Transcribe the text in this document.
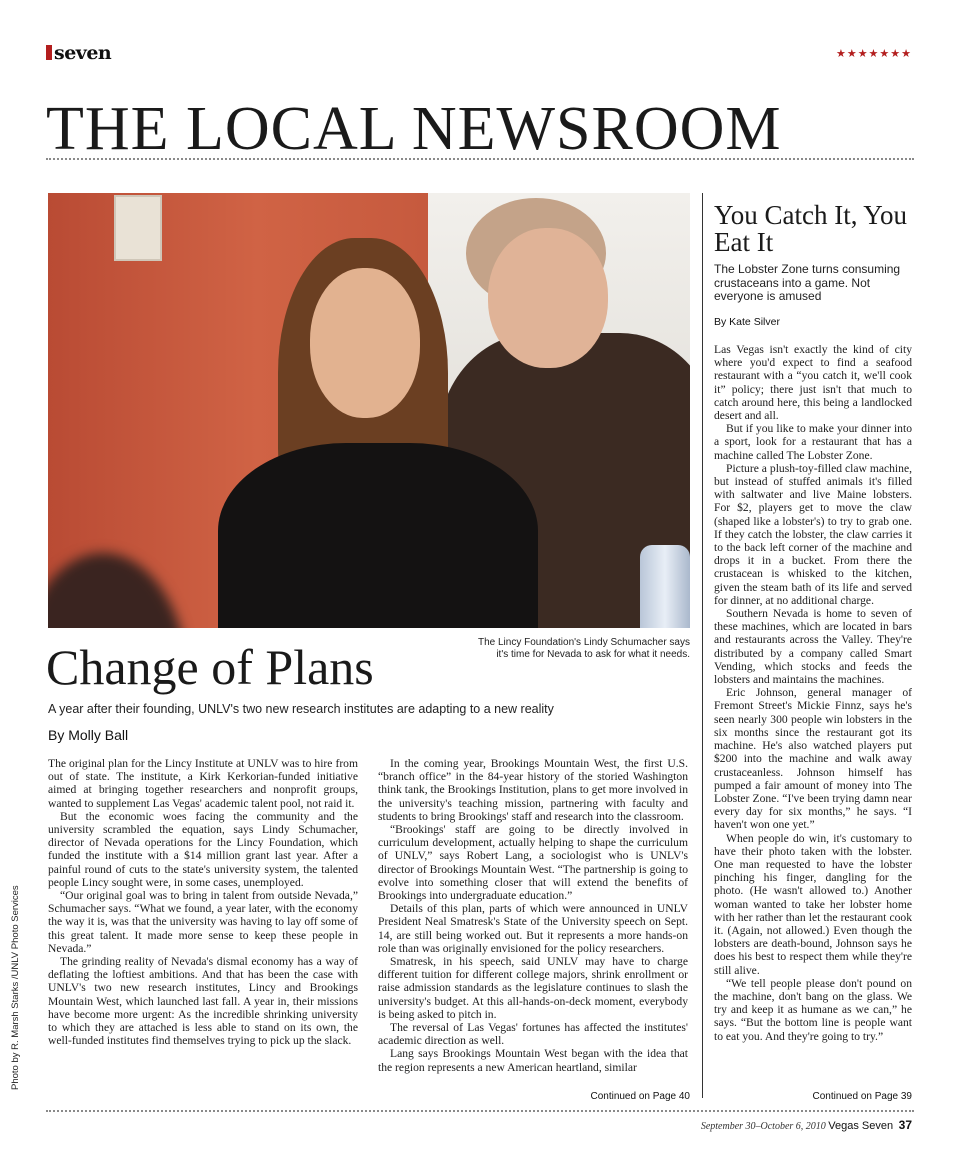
seven	★★★★★★★
THE LOCAL NEWSROOM
The Lincy Foundation's Lindy Schumacher says it's time for Nevada to ask for what it needs.
Photo by R. Marsh Starks /UNLV Photo Services
Change of Plans
A year after their founding, UNLV's two new research institutes are adapting to a new reality
By Molly Ball

The original plan for the Lincy Institute at UNLV was to hire from out of state. The institute, a Kirk Kerkorian-funded initiative aimed at bringing together researchers and nonprofit groups, wanted to supplement Las Vegas' academic talent pool, not raid it.

But the economic woes facing the community and the university scrambled the equation, says Lindy Schumacher, director of Nevada operations for the Lincy Foundation, which funded the institute with a $14 million grant last year. After a painful round of cuts to the state's university system, the talented people Lincy sought were, in some cases, unemployed.

“Our original goal was to bring in talent from outside Nevada,” Schumacher says. “What we found, a year later, with the economy the way it is, was that the university was having to lay off some of this great talent. It made more sense to keep these people in Nevada.”

The grinding reality of Nevada's dismal economy has a way of deflating the loftiest ambitions. And that has been the case with UNLV's two new research institutes, Lincy and Brookings Mountain West, which launched last fall. A year in, their missions have become more urgent: As the incredible shrinking university to which they are attached is less able to stand on its own, the well-funded institutes find themselves trying to pick up the slack.

In the coming year, Brookings Mountain West, the first U.S. “branch office” in the 84-year history of the storied Washington think tank, the Brookings Institution, plans to get more involved in the university's teaching mission, partnering with faculty and students to bring Brookings' staff and research into the classroom.

“Brookings' staff are going to be directly involved in curriculum development, actually helping to shape the curriculum of UNLV,” says Robert Lang, a sociologist who is UNLV's director of Brookings Mountain West. “The partnership is going to evolve into something closer that will extend the benefits of Brookings into undergraduate education.”

Details of this plan, parts of which were announced in UNLV President Neal Smatresk's State of the University speech on Sept. 14, are still being worked out. But it represents a more hands-on role than was originally envisioned for the policy researchers.

Smatresk, in his speech, said UNLV may have to charge different tuition for different college majors, shrink enrollment or raise admission standards as the legislature continues to slash the university's budget. At this all-hands-on-deck moment, everybody is being asked to pitch in.

The reversal of Las Vegas' fortunes has affected the institutes' academic direction as well.

Lang says Brookings Mountain West began with the idea that the region represents a new American heartland, similar

Continued on Page 40
You Catch It, You Eat It
The Lobster Zone turns consuming crustaceans into a game. Not everyone is amused
By Kate Silver

Las Vegas isn't exactly the kind of city where you'd expect to find a seafood restaurant with a “you catch it, we'll cook it” policy; there just isn't that much to catch around here, this being a landlocked desert and all.

But if you like to make your dinner into a sport, look for a restaurant that has a machine called The Lobster Zone.

Picture a plush-toy-filled claw machine, but instead of stuffed animals it's filled with saltwater and live Maine lobsters. For $2, players get to move the claw (shaped like a lobster's) to try to grab one. If they catch the lobster, the claw carries it to the back left corner of the machine and drops it in a bucket. From there the crustacean is whisked to the kitchen, given the steam bath of its life and served for dinner, at no additional charge.

Southern Nevada is home to seven of these machines, which are located in bars and restaurants across the Valley. They're distributed by a company called Smart Vending, which stocks and feeds the lobsters and maintains the machines.

Eric Johnson, general manager of Fremont Street's Mickie Finnz, says he's seen nearly 300 people win lobsters in the six months since the restaurant got its machine. He's also watched players put $200 into the machine and walk away crustaceanless. Johnson himself has pumped a fair amount of money into The Lobster Zone. “I've been trying damn near every day for six months,” he says. “I haven't won one yet.”

When people do win, it's customary to have their photo taken with the lobster. One man requested to have the lobster pinching his finger, dangling for the photo. (He wasn't allowed to.) Another woman wanted to take her lobster home with her rather than let the restaurant cook it. (Again, not allowed.) Even though the lobsters are death-bound, Johnson says he does his best to respect them while they're still alive.

“We tell people please don't pound on the machine, don't bang on the glass. We try and keep it as humane as we can,” he says. “But the bottom line is people want to eat you. And they're going to try.”

Continued on Page 39
September 30–October 6, 2010 Vegas Seven 37
